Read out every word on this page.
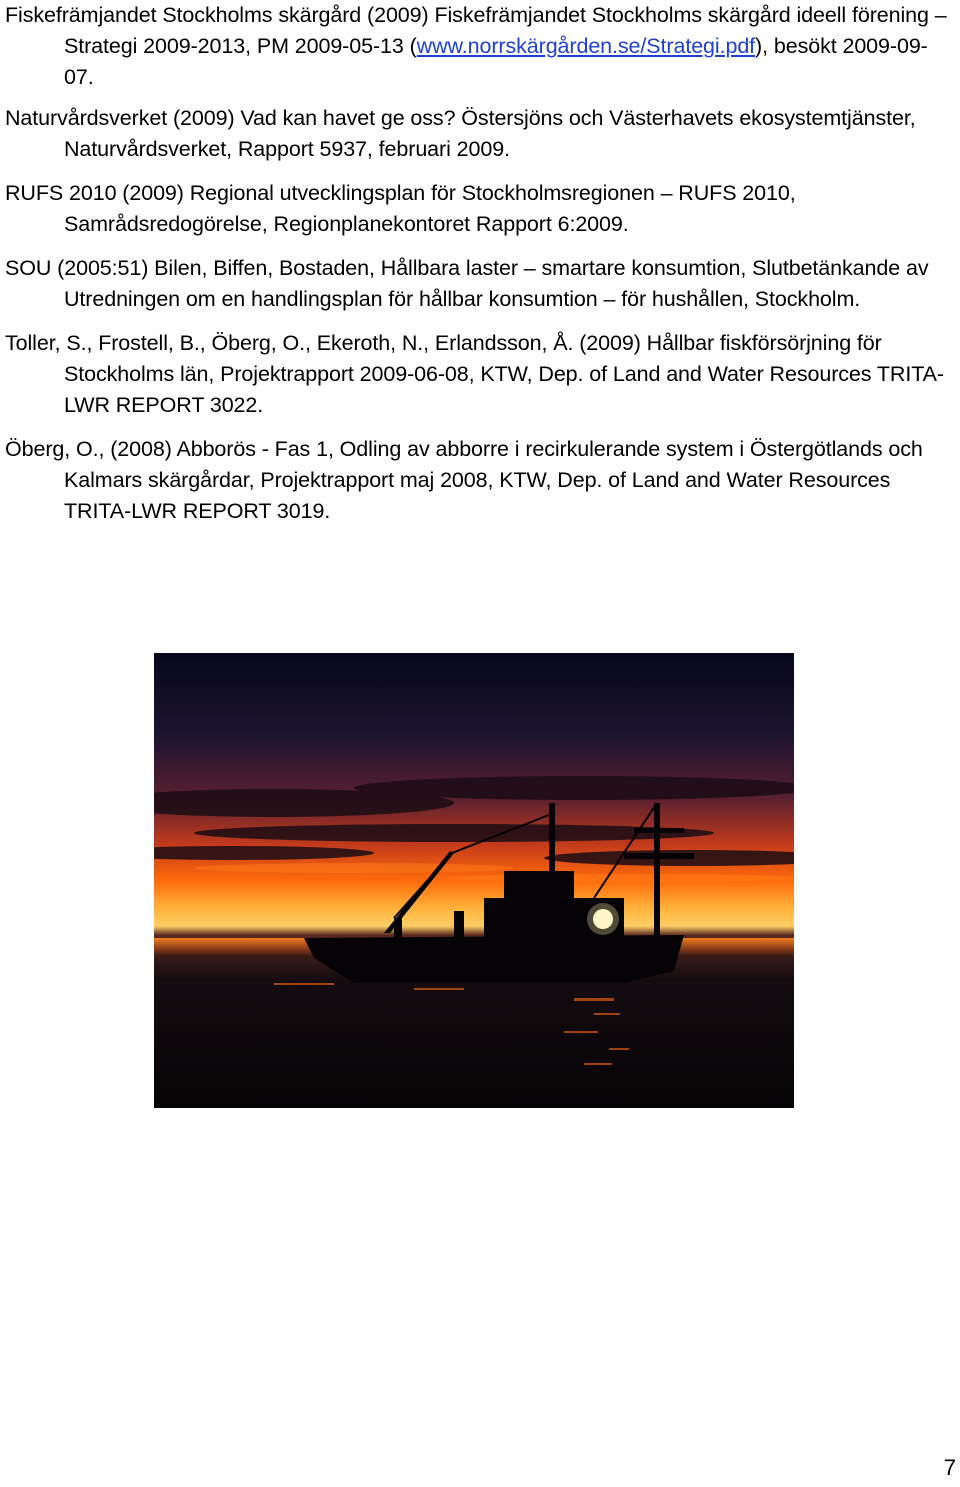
Fiskefrämjandet Stockholms skärgård (2009) Fiskefrämjandet Stockholms skärgård ideell förening – Strategi 2009-2013, PM 2009-05-13 (www.norrskärgården.se/Strategi.pdf), besökt 2009-09-07.

Naturvårdsverket (2009) Vad kan havet ge oss? Östersjöns och Västerhavets ekosystemtjänster, Naturvårdsverket, Rapport 5937, februari 2009.

RUFS 2010 (2009) Regional utvecklingsplan för Stockholmsregionen – RUFS 2010, Samrådsredogörelse, Regionplanekontoret Rapport 6:2009.

SOU (2005:51) Bilen, Biffen, Bostaden, Hållbara laster – smartare konsumtion, Slutbetänkande av Utredningen om en handlingsplan för hållbar konsumtion – för hushållen, Stockholm.

Toller, S., Frostell, B., Öberg, O., Ekeroth, N., Erlandsson, Å. (2009) Hållbar fiskförsörjning för Stockholms län, Projektrapport 2009-06-08, KTW, Dep. of Land and Water Resources TRITA-LWR REPORT 3022.

Öberg, O., (2008) Abborös - Fas 1, Odling av abborre i recirkulerande system i Östergötlands och Kalmars skärgårdar, Projektrapport maj 2008, KTW, Dep. of Land and Water Resources TRITA-LWR REPORT 3019.

7
